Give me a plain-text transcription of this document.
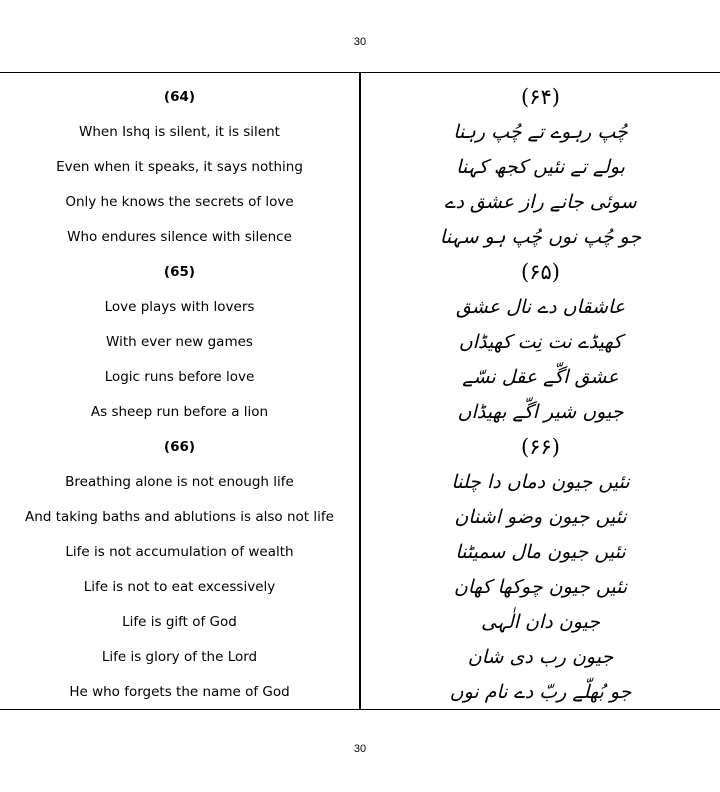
30
(64)
When Ishq is silent, it is silent
Even when it speaks, it says nothing
Only he knows the secrets of love
Who endures silence with silence
(65)
Love plays with lovers
With ever new games
Logic runs before love
As sheep run before a lion
(66)
Breathing alone is not enough life
And taking baths and ablutions is also not life
Life is not accumulation of wealth
Life is not to eat excessively
Life is gift of God
Life is glory of the Lord
He who forgets the name of God
(۶۴)
چُپ رہوے تے چُپ رہنا
بولے تے نئیں کجھ کہنا
سوئی جانے راز عشق دے
جو چُپ نوں چُپ ہو سہنا
(۶۵)
عاشقاں دے نال عشق
کھیڈے نت نِت کھیڈاں
عشق اگّے عقل نسّے
جیوں شیر اگّے بھیڈاں
(۶۶)
نئیں جیون دماں دا چلنا
نئیں جیون وضو اشنان
نئیں جیون مال سمیٹنا
نئیں جیون چوکھا کھان
جیون دان الٰہی
جیون رب دی شان
جو بُھلّے ربّ دے نام نوں
30
